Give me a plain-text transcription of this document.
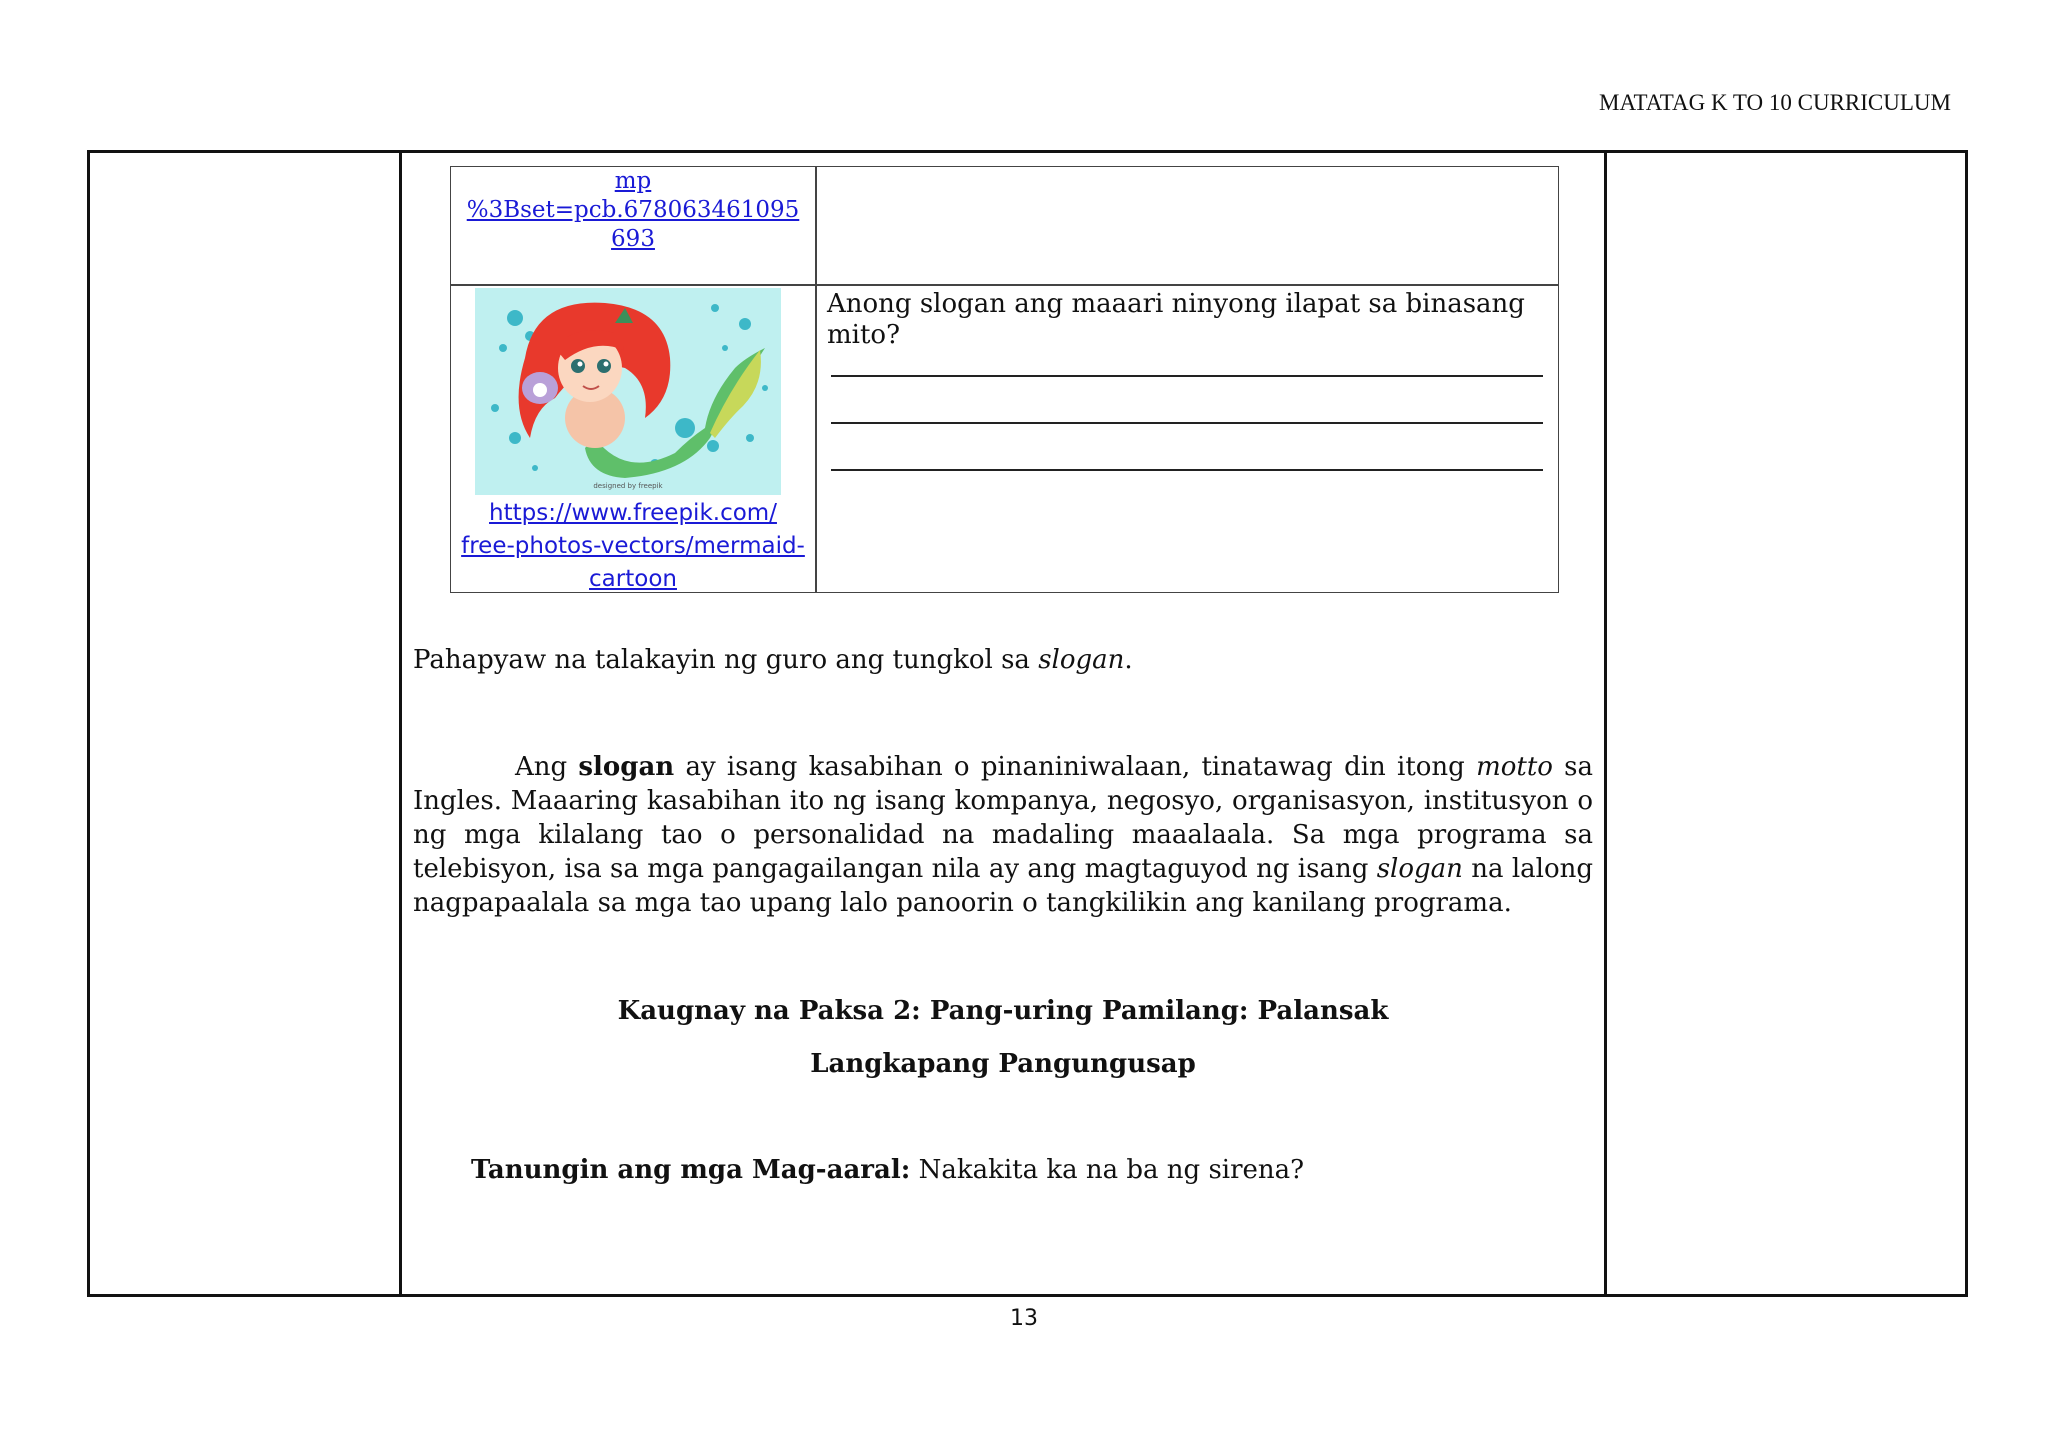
MATATAG K TO 10 CURRICULUM
mp
%3Bset=pcb.678063461095
693
designed by freepik
https://www.freepik.com/
free-photos-vectors/mermaid-
cartoon
Anong slogan ang maaari ninyong ilapat sa binasang mito?
Pahapyaw na talakayin ng guro ang tungkol sa slogan.
Ang slogan ay isang kasabihan o pinaniniwalaan, tinatawag din itong motto sa Ingles. Maaaring kasabihan ito ng isang kompanya, negosyo, organisasyon, institusyon o ng mga kilalang tao o personalidad na madaling maaalaala. Sa mga programa sa telebisyon, isa sa mga pangagailangan nila ay ang magtaguyod ng isang slogan na lalong nagpapaalala sa mga tao upang lalo panoorin o tangkilikin ang kanilang programa.
Kaugnay na Paksa 2: Pang-uring Pamilang: Palansak
Langkapang Pangungusap
Tanungin ang mga Mag-aaral: Nakakita ka na ba ng sirena?
13
